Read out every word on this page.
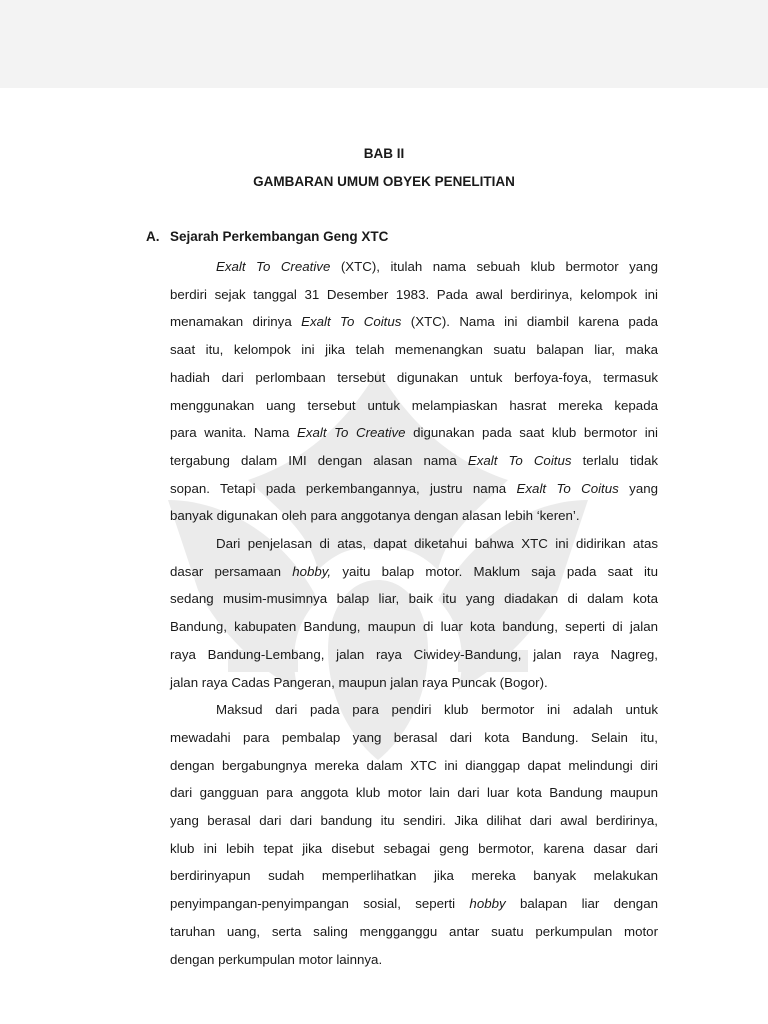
BAB II
GAMBARAN UMUM OBYEK PENELITIAN
A. Sejarah Perkembangan Geng XTC
Exalt To Creative (XTC), itulah nama sebuah klub bermotor yang
berdiri sejak tanggal 31 Desember 1983. Pada awal berdirinya, kelompok ini
menamakan dirinya Exalt To Coitus (XTC). Nama ini diambil karena pada
saat itu, kelompok ini jika telah memenangkan suatu balapan liar, maka
hadiah dari perlombaan tersebut digunakan untuk berfoya-foya, termasuk
menggunakan uang tersebut untuk melampiaskan hasrat mereka kepada
para wanita. Nama Exalt To Creative digunakan pada saat klub bermotor ini
tergabung dalam IMI dengan alasan nama Exalt To Coitus terlalu tidak
sopan. Tetapi pada perkembangannya, justru nama Exalt To Coitus yang
banyak digunakan oleh para anggotanya dengan alasan lebih ‘keren’.
Dari penjelasan di atas, dapat diketahui bahwa XTC ini didirikan atas
dasar persamaan hobby, yaitu balap motor. Maklum saja pada saat itu
sedang musim-musimnya balap liar, baik itu yang diadakan di dalam kota
Bandung, kabupaten Bandung, maupun di luar kota bandung, seperti di jalan
raya Bandung-Lembang, jalan raya Ciwidey-Bandung, jalan raya Nagreg,
jalan raya Cadas Pangeran, maupun jalan raya Puncak (Bogor).
Maksud dari pada para pendiri klub bermotor ini adalah untuk
mewadahi para pembalap yang berasal dari kota Bandung. Selain itu,
dengan bergabungnya mereka dalam XTC ini dianggap dapat melindungi diri
dari gangguan para anggota klub motor lain dari luar kota Bandung maupun
yang berasal dari dari bandung itu sendiri. Jika dilihat dari awal berdirinya,
klub ini lebih tepat jika disebut sebagai geng bermotor, karena dasar dari
berdirinyapun sudah memperlihatkan jika mereka banyak melakukan
penyimpangan-penyimpangan sosial, seperti hobby balapan liar dengan
taruhan uang, serta saling mengganggu antar suatu perkumpulan motor
dengan perkumpulan motor lainnya.
